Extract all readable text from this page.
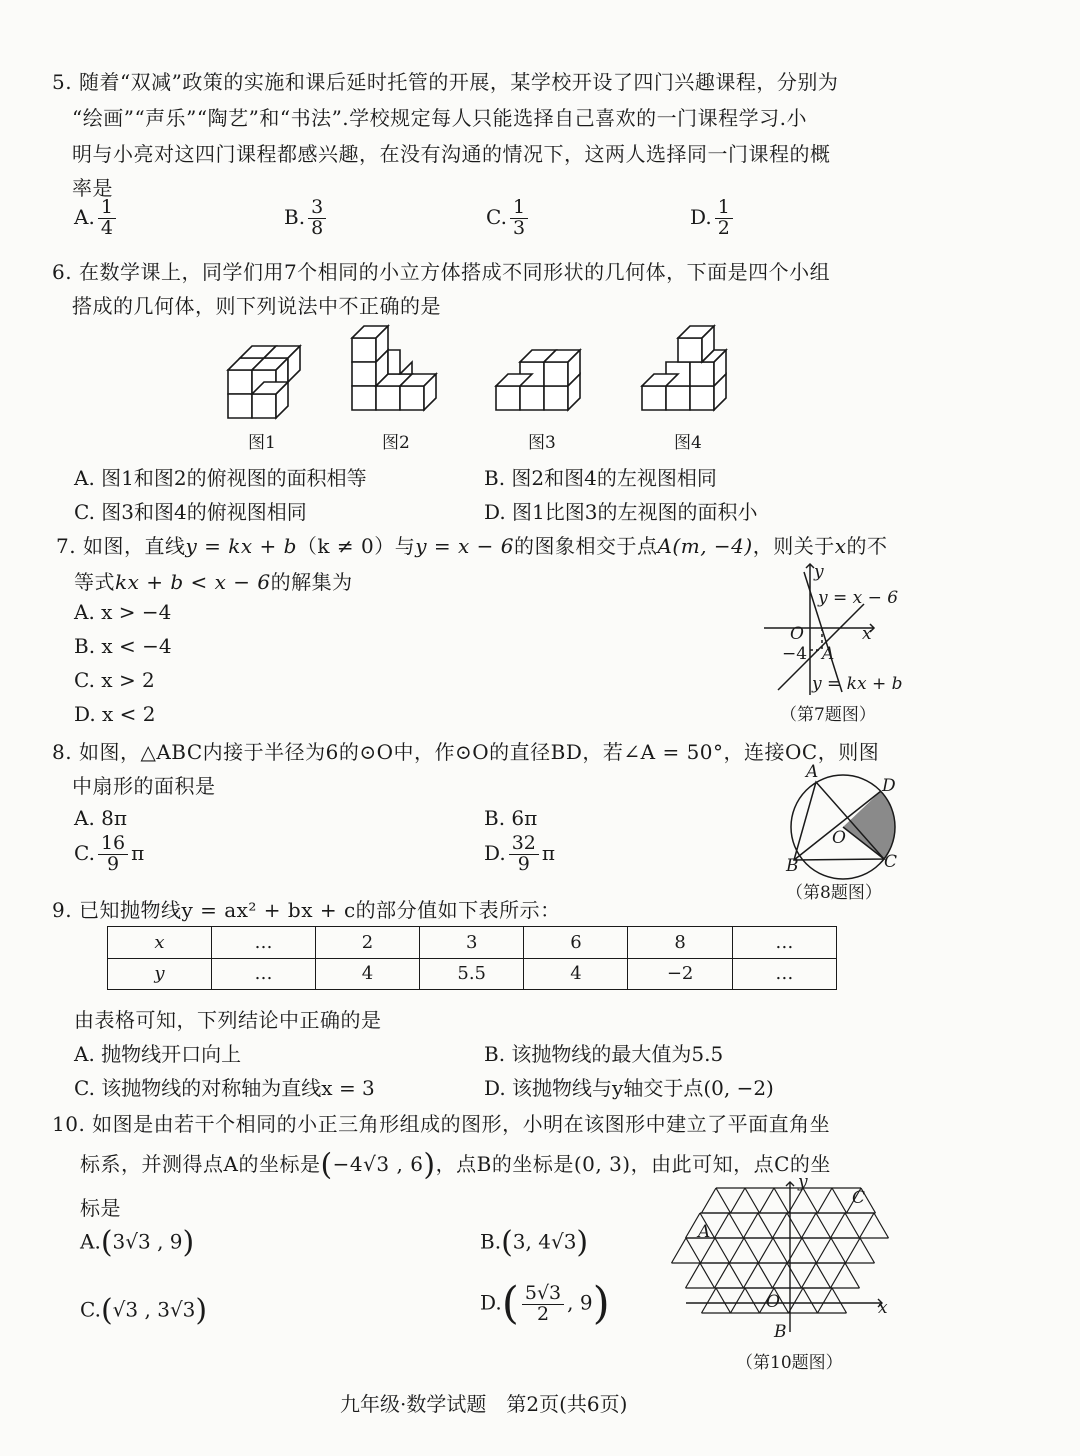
5. 随着“双减”政策的实施和课后延时托管的开展，某学校开设了四门兴趣课程，分别为
“绘画”“声乐”“陶艺”和“书法”.学校规定每人只能选择自己喜欢的一门课程学习.小
明与小亮对这四门课程都感兴趣，在没有沟通的情况下，这两人选择同一门课程的概
率是
A. $\frac{1}{4}$	B. $\frac{3}{8}$	C. $\frac{1}{3}$	D. $\frac{1}{2}$
6. 在数学课上，同学们用7个相同的小立方体搭成不同形状的几何体，下面是四个小组
搭成的几何体，则下列说法中不正确的是
图1	图2	图3	图4
A. 图1和图2的俯视图的面积相等	B. 图2和图4的左视图相同
C. 图3和图4的俯视图相同	D. 图1比图3的左视图的面积小
7. 如图，直线y = kx + b（k ≠ 0）与y = x − 6的图象相交于点A(m, −4)，则关于x的不
等式kx + b < x − 6的解集为
A. x > −4
B. x < −4
C. x > 2
D. x < 2
y
x
O
−4 A
y = x − 6
y = kx + b
（第7题图）
8. 如图，△ABC内接于半径为6的⊙O中，作⊙O的直径BD，若∠A = 50°，连接OC，则图
中扇形的面积是
A. 8π	B. 6π
C. $\frac{16}{9}$ π	D. $\frac{32}{9}$ π
A
D
O
B	C
（第8题图）
9. 已知抛物线y = ax² + bx + c的部分值如下表所示：
x	…	2	3	6	8	…
y	…	4	5.5	4	−2	…
由表格可知，下列结论中正确的是
A. 抛物线开口向上	B. 该抛物线的最大值为5.5
C. 该抛物线的对称轴为直线x = 3	D. 该抛物线与y轴交于点(0, −2)
10. 如图是由若干个相同的小正三角形组成的图形，小明在该图形中建立了平面直角坐
标系，并测得点A的坐标是(−4√3 , 6)，点B的坐标是(0, 3)，由此可知，点C的坐
标是
A.(3√3 , 9)	B.(3, 4√3)
C.(√3 , 3√3)	$D.( \frac{5√3}{2}$ , 9)
A
C
O
B
y
x
（第10题图）
九年级·数学试题　第2页(共6页)
